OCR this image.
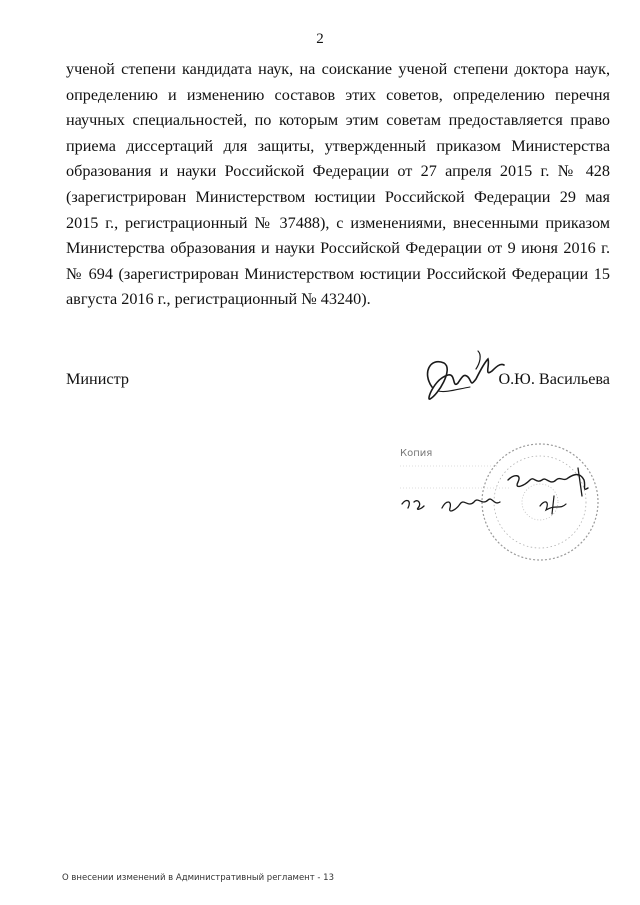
2

ученой степени кандидата наук, на соискание ученой степени доктора наук, определению и изменению составов этих советов, определению перечня научных специальностей, по которым этим советам предоставляется право приема диссертаций для защиты, утвержденный приказом Министерства образования и науки Российской Федерации от 27 апреля 2015 г. № 428 (зарегистрирован Министерством юстиции Российской Федерации 29 мая 2015 г., регистрационный № 37488), с изменениями, внесенными приказом Министерства образования и науки Российской Федерации от 9 июня 2016 г. № 694 (зарегистрирован Министерством юстиции Российской Федерации 15 августа 2016 г., регистрационный № 43240).

Министр	О.Ю. Васильева
Копия
О внесении изменений в Административный регламент - 13
